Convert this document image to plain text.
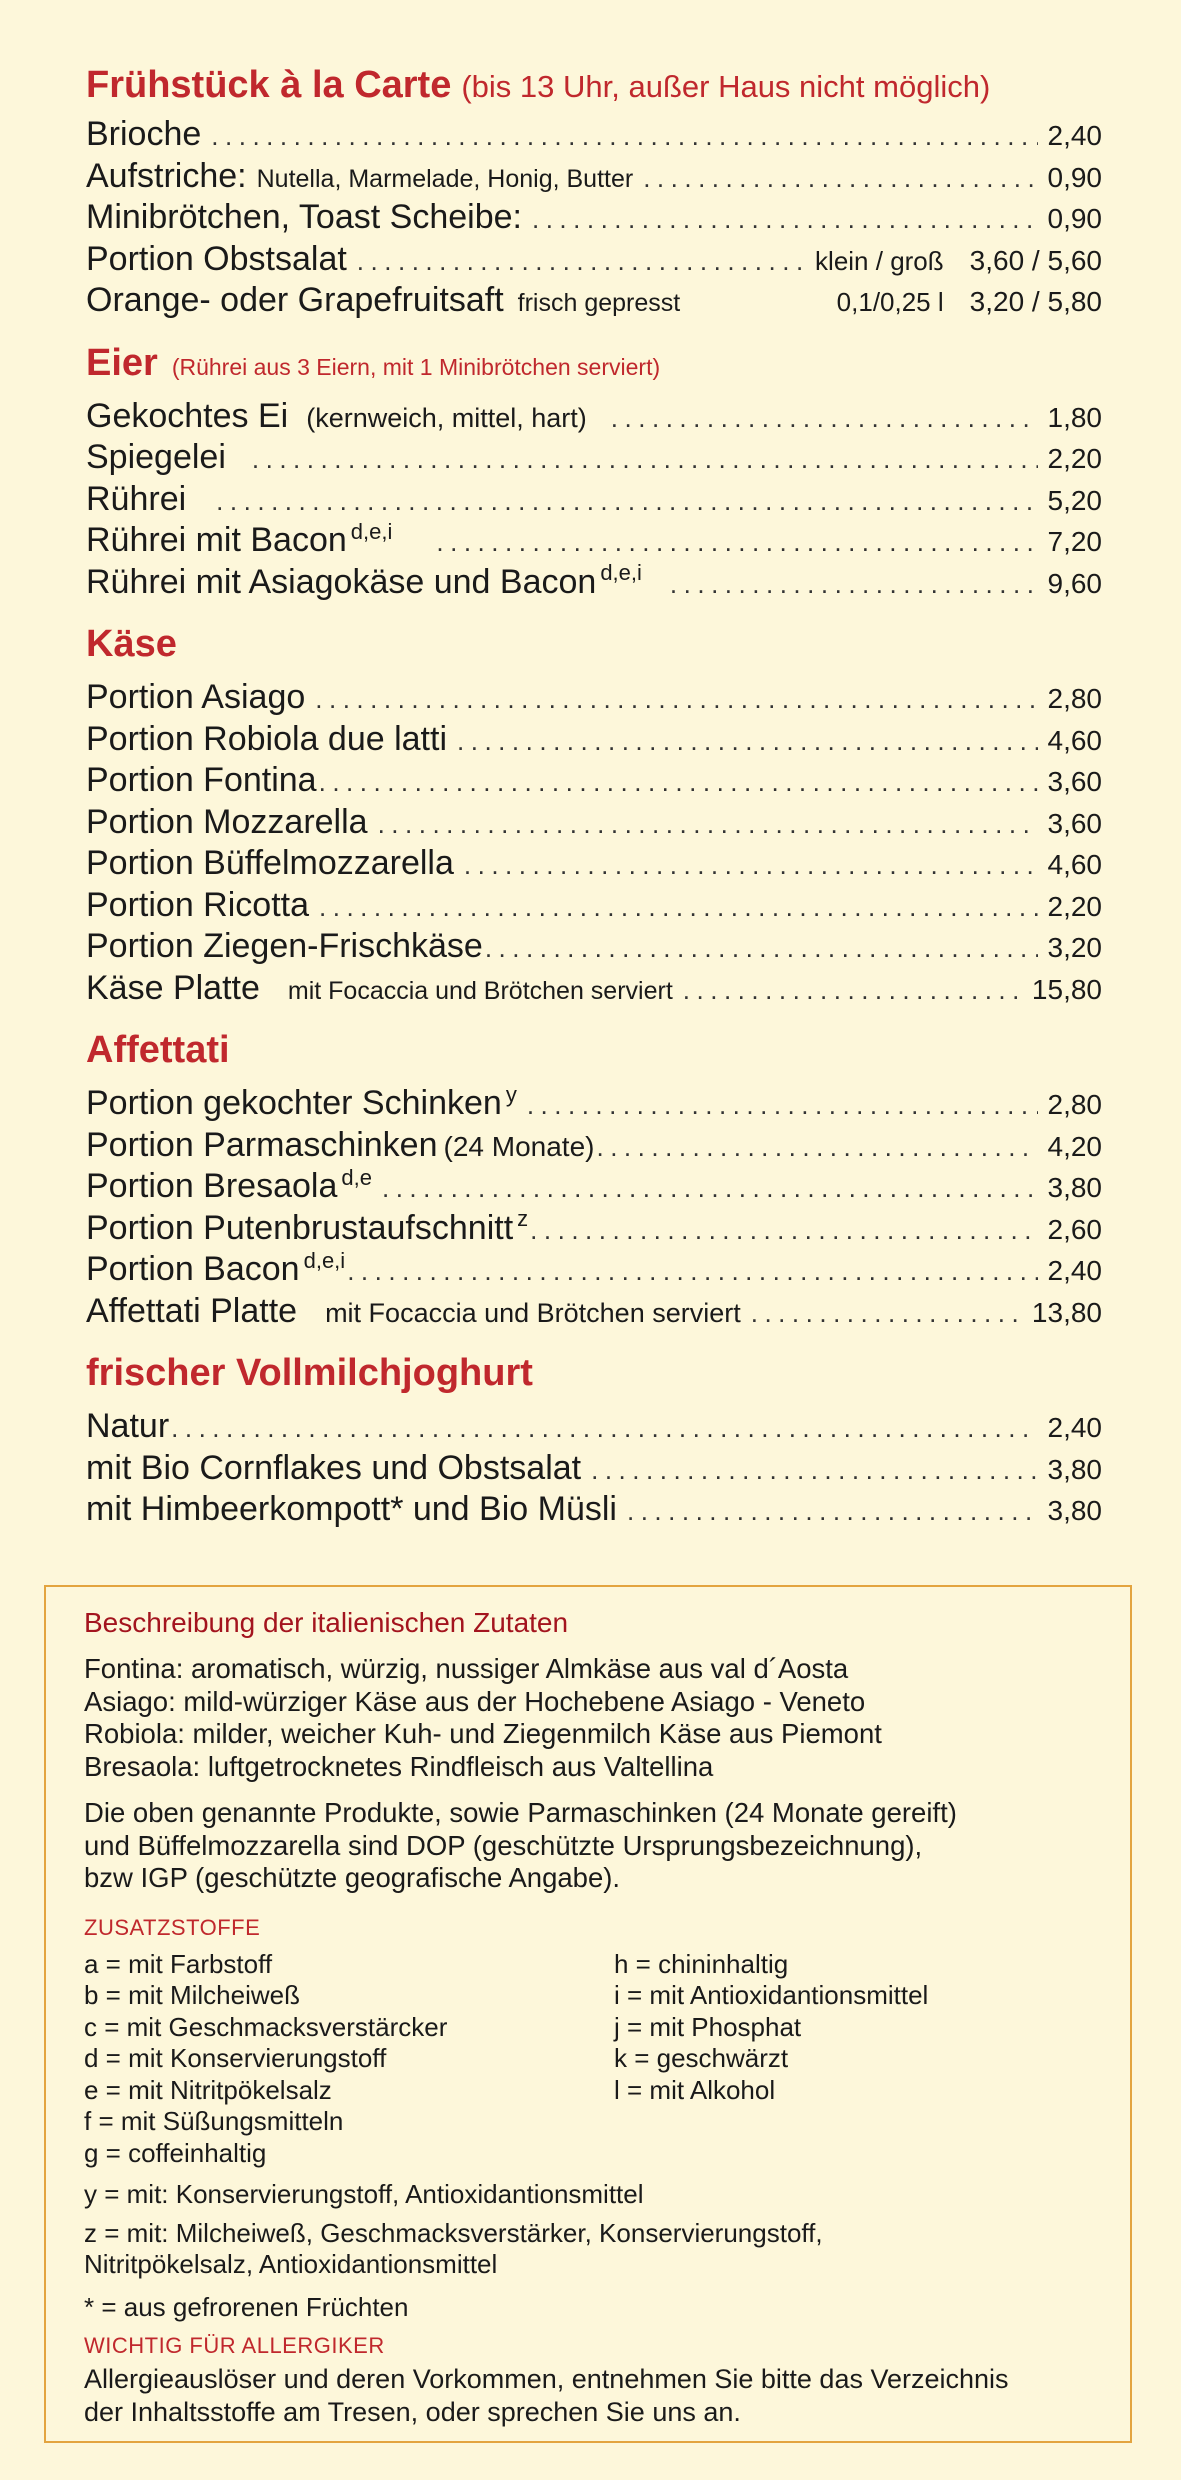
Frühstück à la Carte (bis 13 Uhr, außer Haus nicht möglich)
Brioche .....	2,40
Aufstriche: Nutella, Marmelade, Honig, Butter .....	0,90
Minibrötchen, Toast Scheibe: .....	0,90
Portion Obstsalat .....	klein / groß 3,60 / 5,60
Orange- oder Grapefruitsaft frisch gepresst	0,1/0,25 l 3,20 / 5,80
Eier (Rührei aus 3 Eiern, mit 1 Minibrötchen serviert)
Gekochtes Ei (kernweich, mittel, hart) .....	1,80
Spiegelei .....	2,20
Rührei .....	5,20
Rührei mit Bacon $^{d,e,i}$ .....	7,20
Rührei mit Asiagokäse und Bacon $^{d,e,i}$ .....	9,60
Käse
Portion Asiago .....	2,80
Portion Robiola due latti .....	4,60
Portion Fontina .....	3,60
Portion Mozzarella .....	3,60
Portion Büffelmozzarella .....	4,60
Portion Ricotta .....	2,20
Portion Ziegen-Frischkäse .....	3,20
Käse Platte mit Focaccia und Brötchen serviert .....	15,80
Affettati
Portion gekochter Schinken $^y$ .....	2,80
Portion Parmaschinken (24 Monate) .....	4,20
Portion Bresaola $^{d,e}$ .....	3,80
Portion Putenbrustaufschnitt $^z$ .....	2,60
Portion Bacon $^{d,e,i}$ .....	2,40
Affettati Platte mit Focaccia und Brötchen serviert .....	13,80
frischer Vollmilchjoghurt
Natur .....	2,40
mit Bio Cornflakes und Obstsalat .....	3,80
mit Himbeerkompott* und Bio Müsli .....	3,80
Beschreibung der italienischen Zutaten

Fontina: aromatisch, würzig, nussiger Almkäse aus val d´Aosta

Asiago: mild-würziger Käse aus der Hochebene Asiago - Veneto

Robiola: milder, weicher Kuh- und Ziegenmilch Käse aus Piemont

Bresaola: luftgetrocknetes Rindfleisch aus Valtellina

Die oben genannte Produkte, sowie Parmaschinken (24 Monate gereift)

und Büffelmozzarella sind DOP (geschützte Ursprungsbezeichnung),

bzw IGP (geschützte geografische Angabe).

ZUSATZSTOFFE
a = mit Farbstoff
b = mit Milcheiweß
c = mit Geschmacksverstärcker
d = mit Konservierungstoff
e = mit Nitritpökelsalz
f = mit Süßungsmitteln
g = coffeinhaltig
h = chininhaltig
i = mit Antioxidantionsmittel
j = mit Phosphat
k = geschwärzt
l = mit Alkohol
y = mit: Konservierungstoff, Antioxidantionsmittel
z = mit: Milcheiweß, Geschmacksverstärker, Konservierungstoff,
Nitritpökelsalz, Antioxidantionsmittel
* = aus gefrorenen Früchten
WICHTIG FÜR ALLERGIKER
Allergieauslöser und deren Vorkommen, entnehmen Sie bitte das Verzeichnis
der Inhaltsstoffe am Tresen, oder sprechen Sie uns an.
